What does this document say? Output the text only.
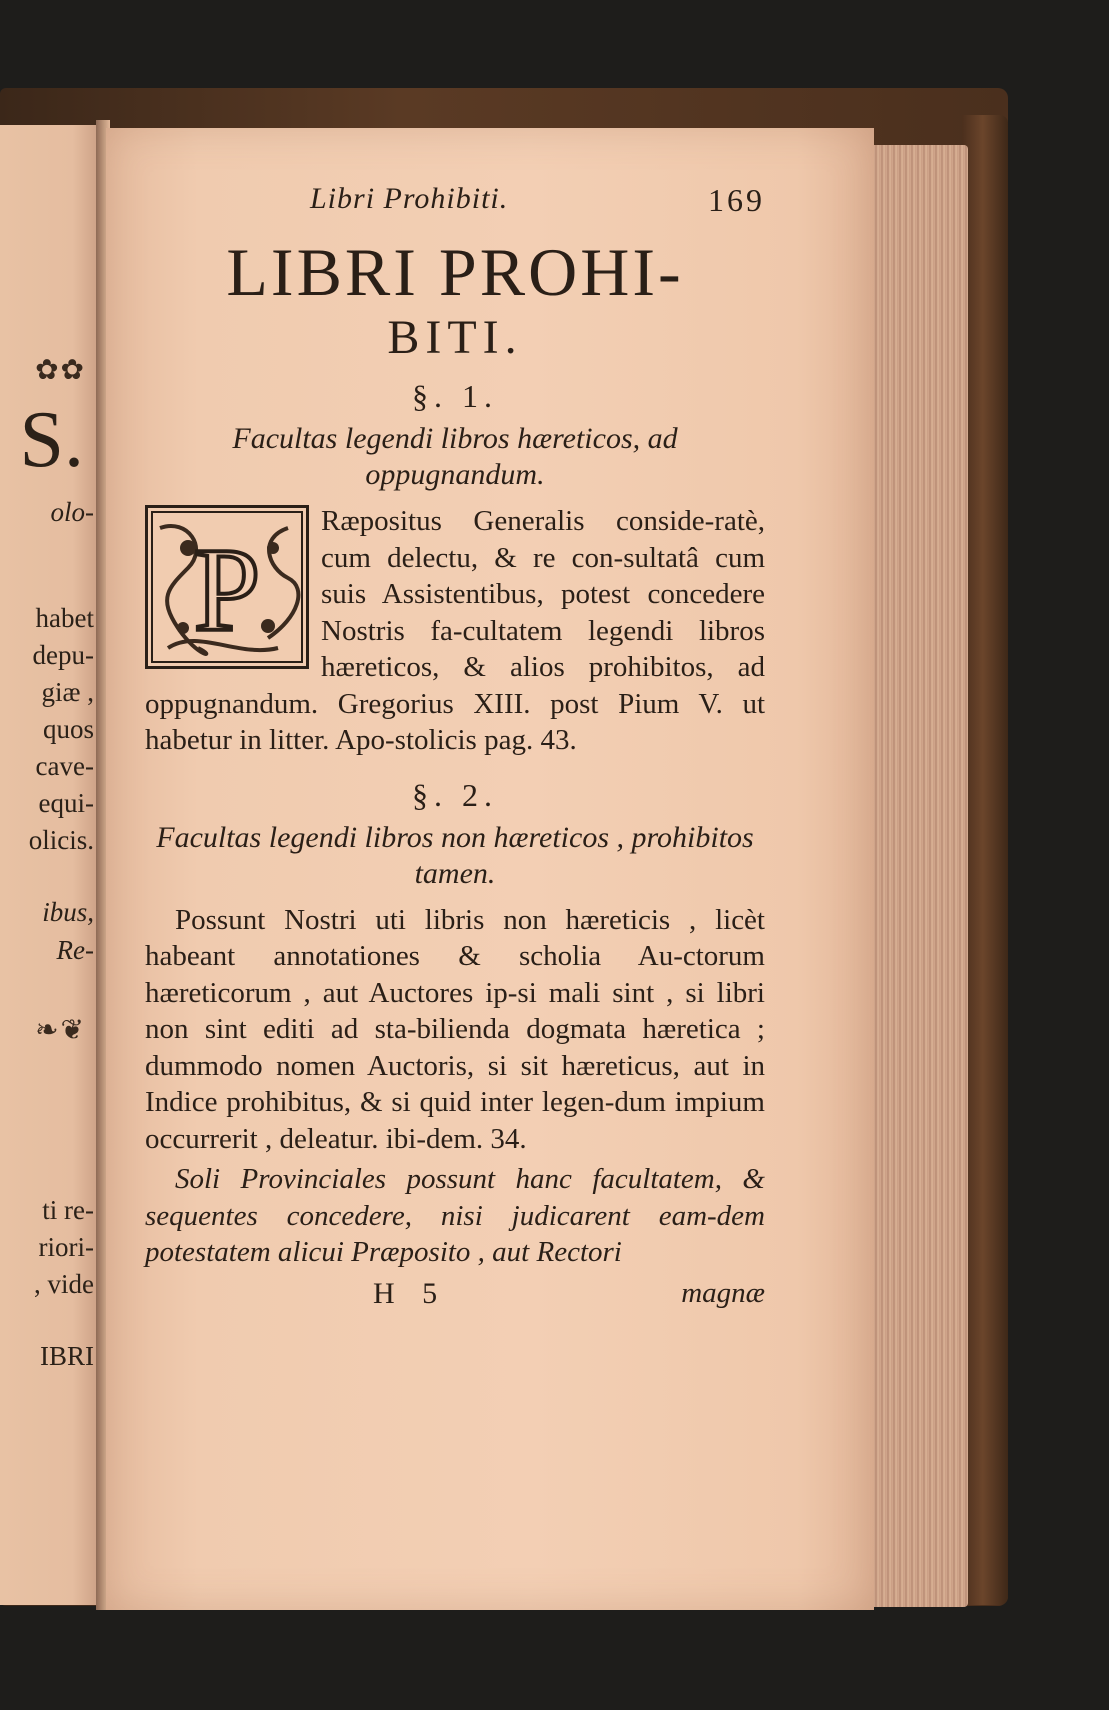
✿✿
S.
olo-
habet
depu-
giæ ,
quos
cave-
equi-
olicis.
ibus,
Re-
❧❦
ti re-
riori-
, vide
IBRI
Libri Prohibiti.	169
LIBRI PROHI-
BITI.
§. 1.
Facultas legendi libros hæreticos, ad oppugnandum.
P
Ræpositus Generalis conside-ratè, cum delectu, & re con-sultatâ cum suis Assistentibus, potest concedere Nostris fa-cultatem legendi libros hæreticos, & alios prohibitos, ad oppugnandum. Gregorius XIII. post Pium V. ut habetur in litter. Apo-stolicis pag. 43.
§. 2.
Facultas legendi libros non hæreticos , prohibitos tamen.
Possunt Nostri uti libris non hæreticis , licèt habeant annotationes & scholia Au-ctorum hæreticorum , aut Auctores ip-si mali sint , si libri non sint editi ad sta-bilienda dogmata hæretica ; dummodo nomen Auctoris, si sit hæreticus, aut in Indice prohibitus, & si quid inter legen-dum impium occurrerit , deleatur. ibi-dem. 34.
Soli Provinciales possunt hanc facultatem, & sequentes concedere, nisi judicarent eam-dem potestatem alicui Præposito , aut Rectori
H 5	magnæ
